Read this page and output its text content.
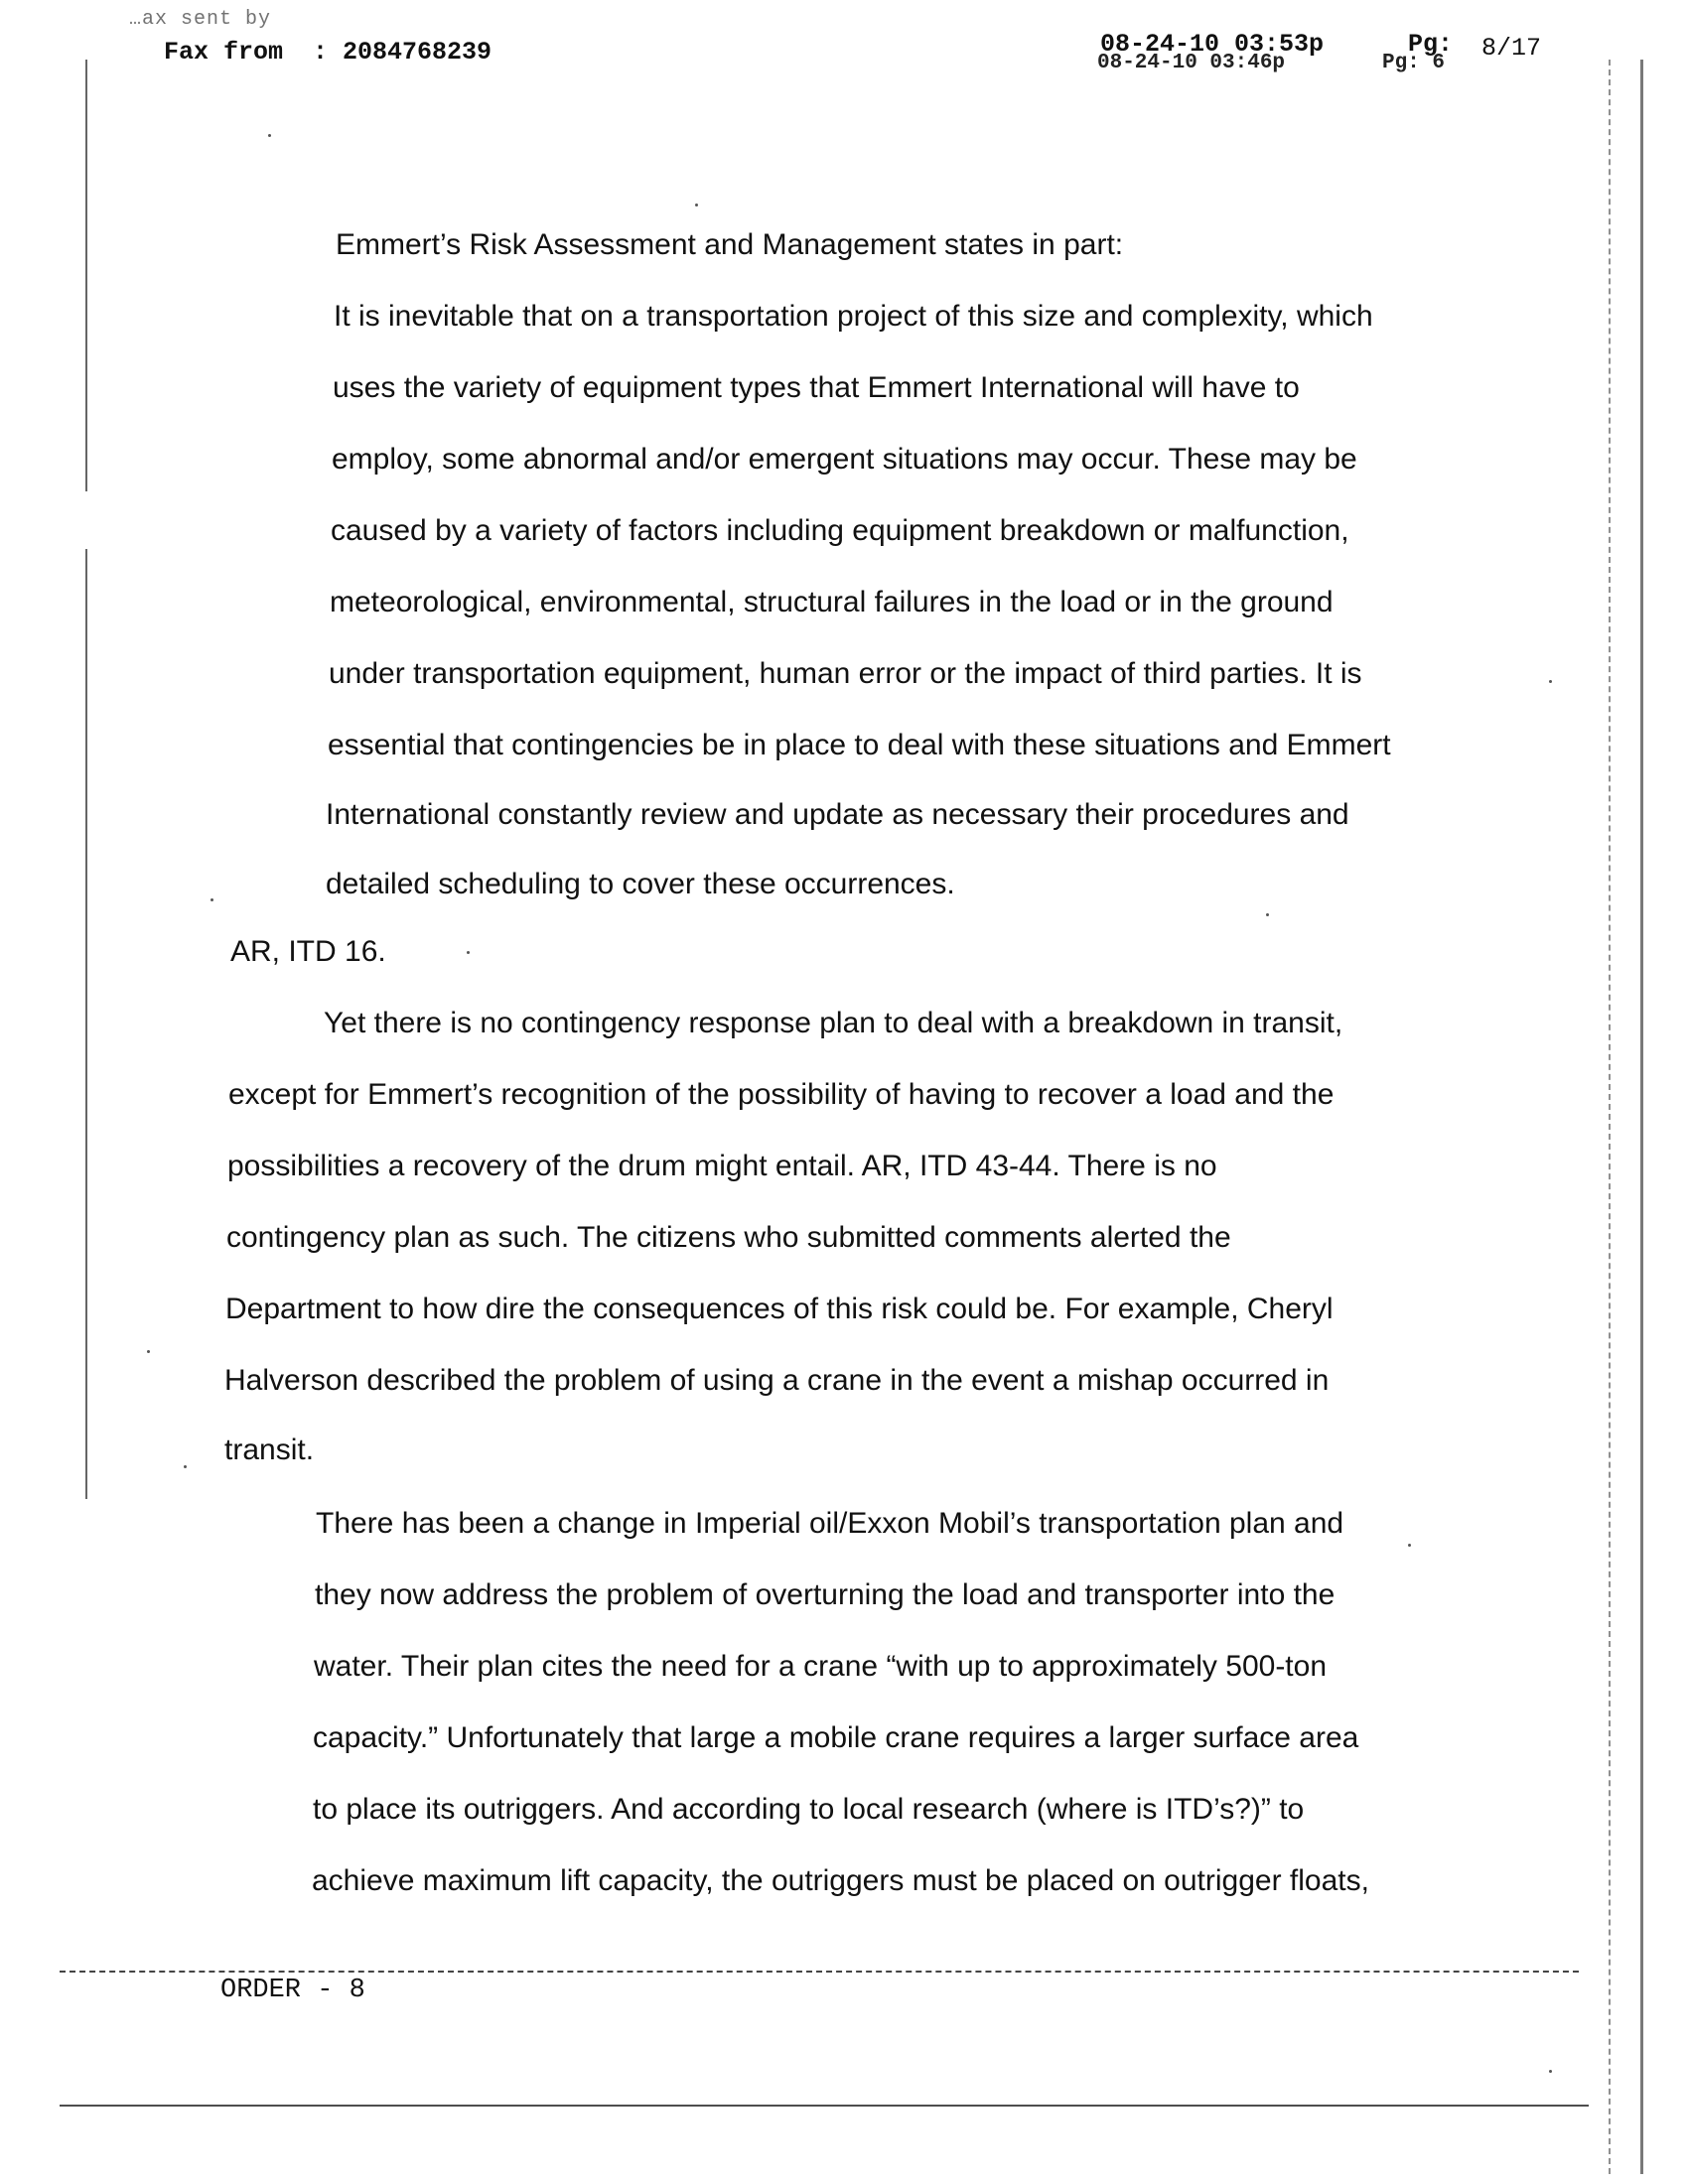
…ax sent by
Fax from : 2084768239	08-24-10 03:53p	Pg: 8/17
08-24-10 03:46p	Pg: 6
Emmert’s Risk Assessment and Management states in part:
It is inevitable that on a transportation project of this size and complexity, which
uses the variety of equipment types that Emmert International will have to
employ, some abnormal and/or emergent situations may occur. These may be
caused by a variety of factors including equipment breakdown or malfunction,
meteorological, environmental, structural failures in the load or in the ground
under transportation equipment, human error or the impact of third parties. It is
essential that contingencies be in place to deal with these situations and Emmert
International constantly review and update as necessary their procedures and
detailed scheduling to cover these occurrences.
AR, ITD 16.
Yet there is no contingency response plan to deal with a breakdown in transit,
except for Emmert’s recognition of the possibility of having to recover a load and the
possibilities a recovery of the drum might entail. AR, ITD 43-44. There is no
contingency plan as such. The citizens who submitted comments alerted the
Department to how dire the consequences of this risk could be. For example, Cheryl
Halverson described the problem of using a crane in the event a mishap occurred in
transit.
There has been a change in Imperial oil/Exxon Mobil’s transportation plan and
they now address the problem of overturning the load and transporter into the
water. Their plan cites the need for a crane “with up to approximately 500-ton
capacity.” Unfortunately that large a mobile crane requires a larger surface area
to place its outriggers. And according to local research (where is ITD’s?)” to
achieve maximum lift capacity, the outriggers must be placed on outrigger floats,
ORDER - 8
